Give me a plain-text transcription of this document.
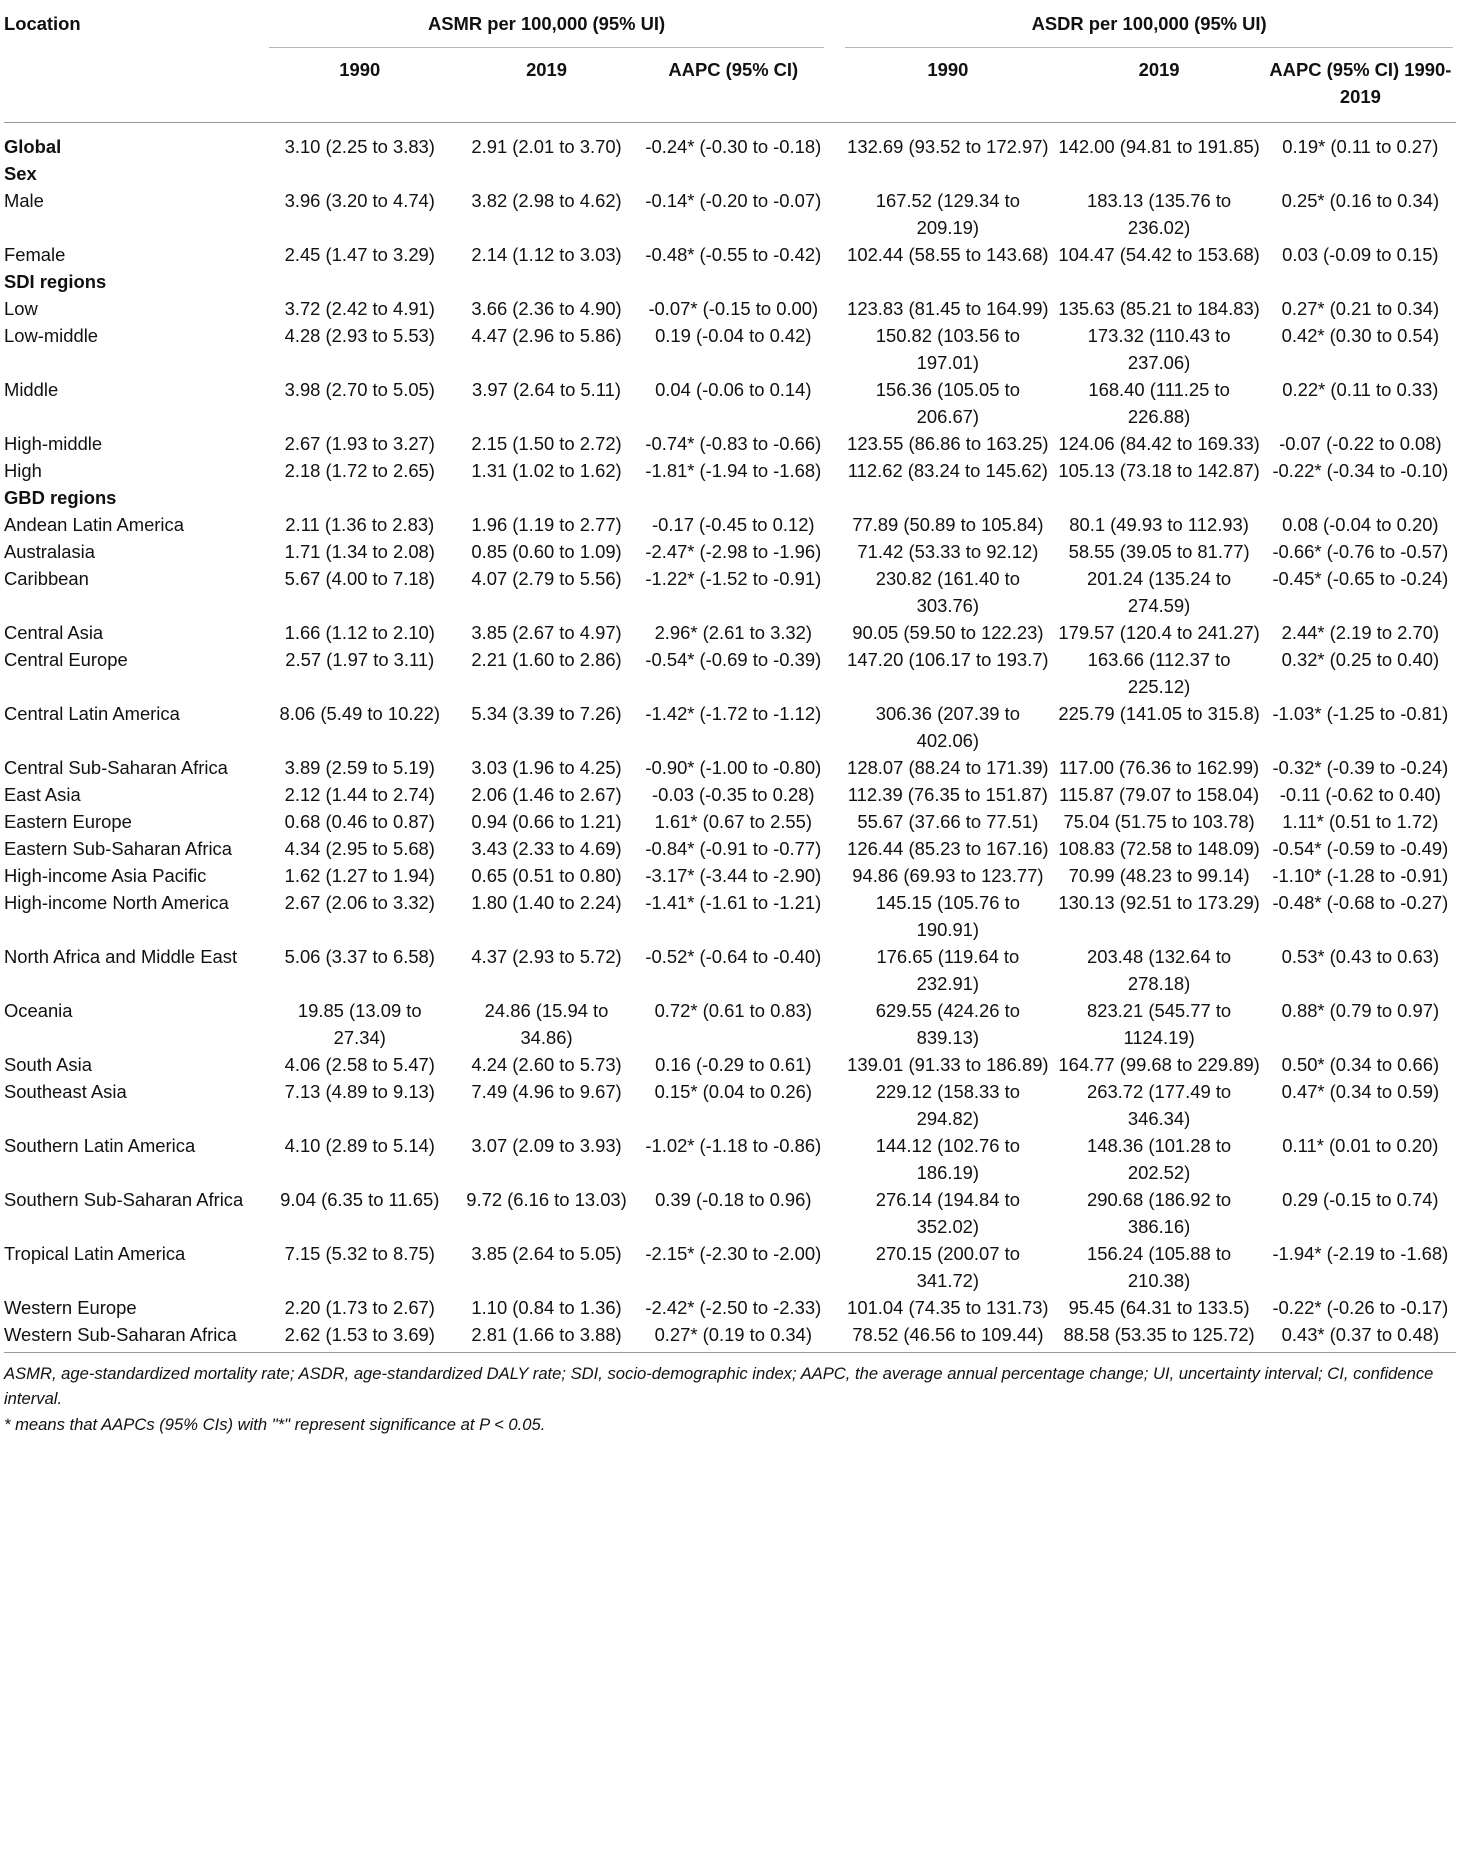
Location	ASMR per 100,000 (95% UI)				ASDR per 100,000 (95% UI)		

	1990	2019	AAPC (95% CI)		1990	2019	AAPC (95% CI) 1990-2019
Global	3.10 (2.25 to 3.83)	2.91 (2.01 to 3.70)	-0.24* (-0.30 to -0.18)		132.69 (93.52 to 172.97)	142.00 (94.81 to 191.85)	0.19* (0.11 to 0.27)
Sex							
Male	3.96 (3.20 to 4.74)	3.82 (2.98 to 4.62)	-0.14* (-0.20 to -0.07)		167.52 (129.34 to 209.19)	183.13 (135.76 to 236.02)	0.25* (0.16 to 0.34)
Female	2.45 (1.47 to 3.29)	2.14 (1.12 to 3.03)	-0.48* (-0.55 to -0.42)		102.44 (58.55 to 143.68)	104.47 (54.42 to 153.68)	0.03 (-0.09 to 0.15)
SDI regions							
Low	3.72 (2.42 to 4.91)	3.66 (2.36 to 4.90)	-0.07* (-0.15 to 0.00)		123.83 (81.45 to 164.99)	135.63 (85.21 to 184.83)	0.27* (0.21 to 0.34)
Low-middle	4.28 (2.93 to 5.53)	4.47 (2.96 to 5.86)	0.19 (-0.04 to 0.42)		150.82 (103.56 to 197.01)	173.32 (110.43 to 237.06)	0.42* (0.30 to 0.54)
Middle	3.98 (2.70 to 5.05)	3.97 (2.64 to 5.11)	0.04 (-0.06 to 0.14)		156.36 (105.05 to 206.67)	168.40 (111.25 to 226.88)	0.22* (0.11 to 0.33)
High-middle	2.67 (1.93 to 3.27)	2.15 (1.50 to 2.72)	-0.74* (-0.83 to -0.66)		123.55 (86.86 to 163.25)	124.06 (84.42 to 169.33)	-0.07 (-0.22 to 0.08)
High	2.18 (1.72 to 2.65)	1.31 (1.02 to 1.62)	-1.81* (-1.94 to -1.68)		112.62 (83.24 to 145.62)	105.13 (73.18 to 142.87)	-0.22* (-0.34 to -0.10)
GBD regions							
Andean Latin America	2.11 (1.36 to 2.83)	1.96 (1.19 to 2.77)	-0.17 (-0.45 to 0.12)		77.89 (50.89 to 105.84)	80.1 (49.93 to 112.93)	0.08 (-0.04 to 0.20)
Australasia	1.71 (1.34 to 2.08)	0.85 (0.60 to 1.09)	-2.47* (-2.98 to -1.96)		71.42 (53.33 to 92.12)	58.55 (39.05 to 81.77)	-0.66* (-0.76 to -0.57)
Caribbean	5.67 (4.00 to 7.18)	4.07 (2.79 to 5.56)	-1.22* (-1.52 to -0.91)		230.82 (161.40 to 303.76)	201.24 (135.24 to 274.59)	-0.45* (-0.65 to -0.24)
Central Asia	1.66 (1.12 to 2.10)	3.85 (2.67 to 4.97)	2.96* (2.61 to 3.32)		90.05 (59.50 to 122.23)	179.57 (120.4 to 241.27)	2.44* (2.19 to 2.70)
Central Europe	2.57 (1.97 to 3.11)	2.21 (1.60 to 2.86)	-0.54* (-0.69 to -0.39)		147.20 (106.17 to 193.7)	163.66 (112.37 to 225.12)	0.32* (0.25 to 0.40)
Central Latin America	8.06 (5.49 to 10.22)	5.34 (3.39 to 7.26)	-1.42* (-1.72 to -1.12)		306.36 (207.39 to 402.06)	225.79 (141.05 to 315.8)	-1.03* (-1.25 to -0.81)
Central Sub-Saharan Africa	3.89 (2.59 to 5.19)	3.03 (1.96 to 4.25)	-0.90* (-1.00 to -0.80)		128.07 (88.24 to 171.39)	117.00 (76.36 to 162.99)	-0.32* (-0.39 to -0.24)
East Asia	2.12 (1.44 to 2.74)	2.06 (1.46 to 2.67)	-0.03 (-0.35 to 0.28)		112.39 (76.35 to 151.87)	115.87 (79.07 to 158.04)	-0.11 (-0.62 to 0.40)
Eastern Europe	0.68 (0.46 to 0.87)	0.94 (0.66 to 1.21)	1.61* (0.67 to 2.55)		55.67 (37.66 to 77.51)	75.04 (51.75 to 103.78)	1.11* (0.51 to 1.72)
Eastern Sub-Saharan Africa	4.34 (2.95 to 5.68)	3.43 (2.33 to 4.69)	-0.84* (-0.91 to -0.77)		126.44 (85.23 to 167.16)	108.83 (72.58 to 148.09)	-0.54* (-0.59 to -0.49)
High-income Asia Pacific	1.62 (1.27 to 1.94)	0.65 (0.51 to 0.80)	-3.17* (-3.44 to -2.90)		94.86 (69.93 to 123.77)	70.99 (48.23 to 99.14)	-1.10* (-1.28 to -0.91)
High-income North America	2.67 (2.06 to 3.32)	1.80 (1.40 to 2.24)	-1.41* (-1.61 to -1.21)		145.15 (105.76 to 190.91)	130.13 (92.51 to 173.29)	-0.48* (-0.68 to -0.27)
North Africa and Middle East	5.06 (3.37 to 6.58)	4.37 (2.93 to 5.72)	-0.52* (-0.64 to -0.40)		176.65 (119.64 to 232.91)	203.48 (132.64 to 278.18)	0.53* (0.43 to 0.63)
Oceania	19.85 (13.09 to 27.34)	24.86 (15.94 to 34.86)	0.72* (0.61 to 0.83)		629.55 (424.26 to 839.13)	823.21 (545.77 to 1124.19)	0.88* (0.79 to 0.97)
South Asia	4.06 (2.58 to 5.47)	4.24 (2.60 to 5.73)	0.16 (-0.29 to 0.61)		139.01 (91.33 to 186.89)	164.77 (99.68 to 229.89)	0.50* (0.34 to 0.66)
Southeast Asia	7.13 (4.89 to 9.13)	7.49 (4.96 to 9.67)	0.15* (0.04 to 0.26)		229.12 (158.33 to 294.82)	263.72 (177.49 to 346.34)	0.47* (0.34 to 0.59)
Southern Latin America	4.10 (2.89 to 5.14)	3.07 (2.09 to 3.93)	-1.02* (-1.18 to -0.86)		144.12 (102.76 to 186.19)	148.36 (101.28 to 202.52)	0.11* (0.01 to 0.20)
Southern Sub-Saharan Africa	9.04 (6.35 to 11.65)	9.72 (6.16 to 13.03)	0.39 (-0.18 to 0.96)		276.14 (194.84 to 352.02)	290.68 (186.92 to 386.16)	0.29 (-0.15 to 0.74)
Tropical Latin America	7.15 (5.32 to 8.75)	3.85 (2.64 to 5.05)	-2.15* (-2.30 to -2.00)		270.15 (200.07 to 341.72)	156.24 (105.88 to 210.38)	-1.94* (-2.19 to -1.68)
Western Europe	2.20 (1.73 to 2.67)	1.10 (0.84 to 1.36)	-2.42* (-2.50 to -2.33)		101.04 (74.35 to 131.73)	95.45 (64.31 to 133.5)	-0.22* (-0.26 to -0.17)
Western Sub-Saharan Africa	2.62 (1.53 to 3.69)	2.81 (1.66 to 3.88)	0.27* (0.19 to 0.34)		78.52 (46.56 to 109.44)	88.58 (53.35 to 125.72)	0.43* (0.37 to 0.48)

ASMR, age-standardized mortality rate; ASDR, age-standardized DALY rate; SDI, socio-demographic index; AAPC, the average annual percentage change; UI, uncertainty interval; CI, confidence interval.

* means that AAPCs (95% CIs) with "*" represent significance at P < 0.05.
